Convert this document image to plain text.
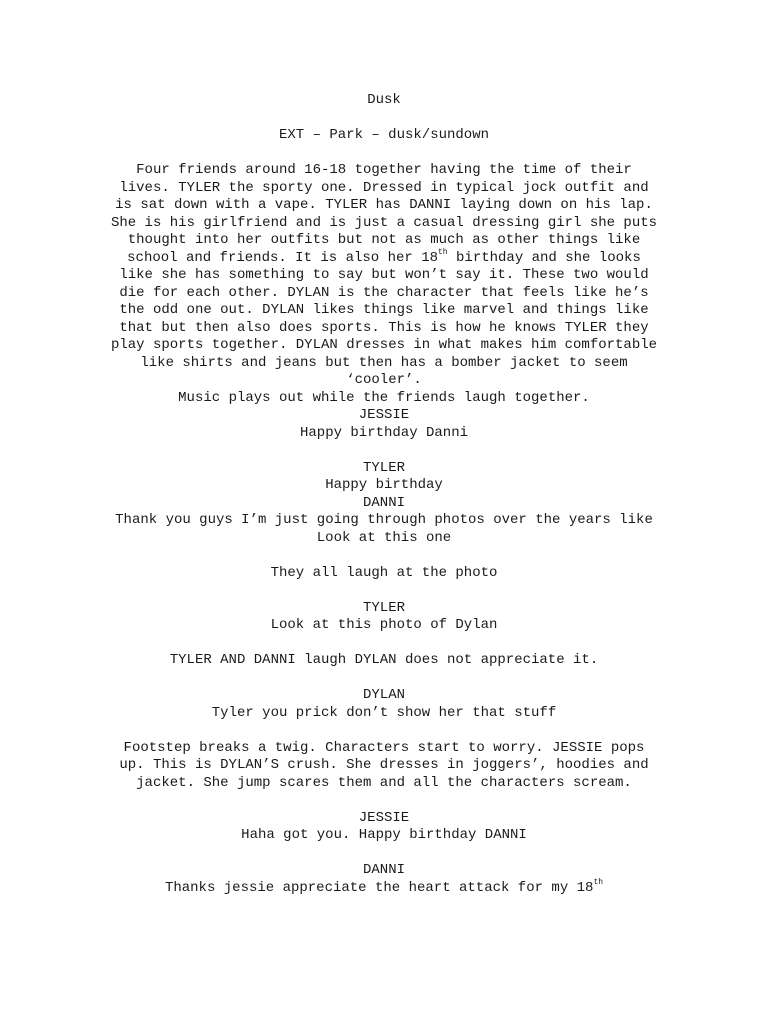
Dusk
EXT – Park – dusk/sundown
Four friends around 16-18 together having the time of their
lives. TYLER the sporty one. Dressed in typical jock outfit and
is sat down with a vape. TYLER has DANNI laying down on his lap.
She is his girlfriend and is just a casual dressing girl she puts
thought into her outfits but not as much as other things like
school and friends. It is also her 18th birthday and she looks
like she has something to say but won’t say it. These two would
die for each other. DYLAN is the character that feels like he’s
the odd one out. DYLAN likes things like marvel and things like
that but then also does sports. This is how he knows TYLER they
play sports together. DYLAN dresses in what makes him comfortable
like shirts and jeans but then has a bomber jacket to seem
‘cooler’.
Music plays out while the friends laugh together.
JESSIE
Happy birthday Danni
TYLER
Happy birthday
DANNI
Thank you guys I’m just going through photos over the years like
Look at this one
They all laugh at the photo
TYLER
Look at this photo of Dylan
TYLER AND DANNI laugh DYLAN does not appreciate it.
DYLAN
Tyler you prick don’t show her that stuff
Footstep breaks a twig. Characters start to worry. JESSIE pops
up. This is DYLAN’S crush. She dresses in joggers’, hoodies and
jacket. She jump scares them and all the characters scream.
JESSIE
Haha got you. Happy birthday DANNI
DANNI
Thanks jessie appreciate the heart attack for my 18th
